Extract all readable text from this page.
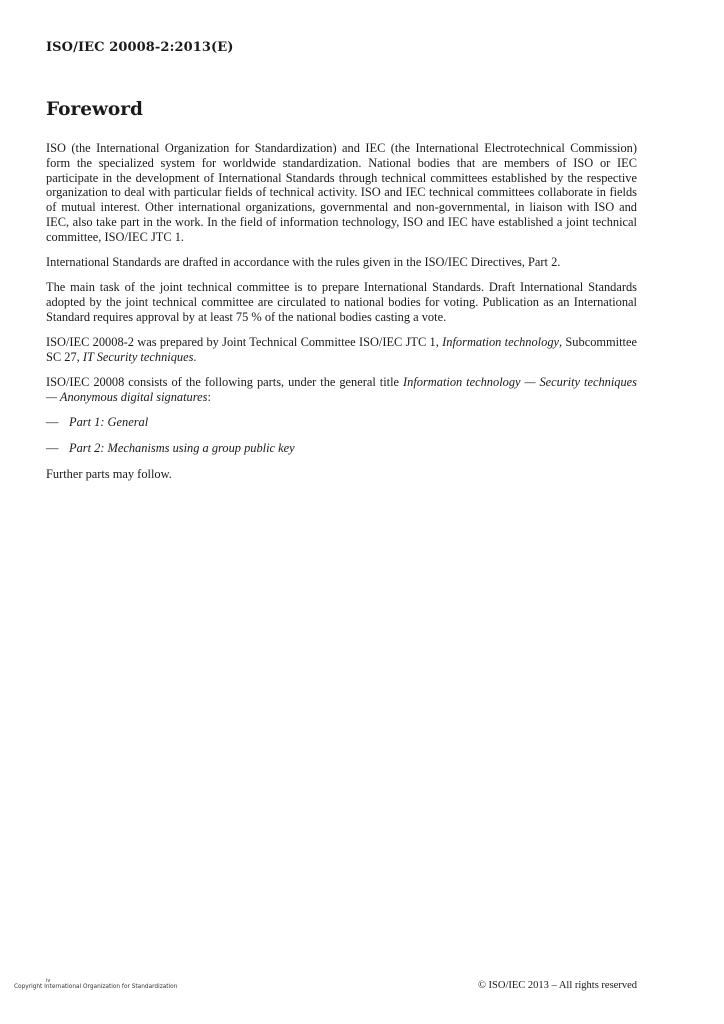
ISO/IEC 20008-2:2013(E)
Foreword

ISO (the International Organization for Standardization) and IEC (the International Electrotechnical Commission) form the specialized system for worldwide standardization. National bodies that are members of ISO or IEC participate in the development of International Standards through technical committees established by the respective organization to deal with particular fields of technical activity. ISO and IEC technical committees collaborate in fields of mutual interest. Other international organizations, governmental and non-governmental, in liaison with ISO and IEC, also take part in the work. In the field of information technology, ISO and IEC have established a joint technical committee, ISO/IEC JTC 1.

International Standards are drafted in accordance with the rules given in the ISO/IEC Directives, Part 2.

The main task of the joint technical committee is to prepare International Standards. Draft International Standards adopted by the joint technical committee are circulated to national bodies for voting. Publication as an International Standard requires approval by at least 75 % of the national bodies casting a vote.

ISO/IEC 20008-2 was prepared by Joint Technical Committee ISO/IEC JTC 1, Information technology, Subcommittee SC 27, IT Security techniques.

ISO/IEC 20008 consists of the following parts, under the general title Information technology — Security techniques — Anonymous digital signatures:

— Part 1: General
— Part 2: Mechanisms using a group public key

Further parts may follow.

iv
Copyright International Organization for Standardization	© ISO/IEC 2013 – All rights reserved
